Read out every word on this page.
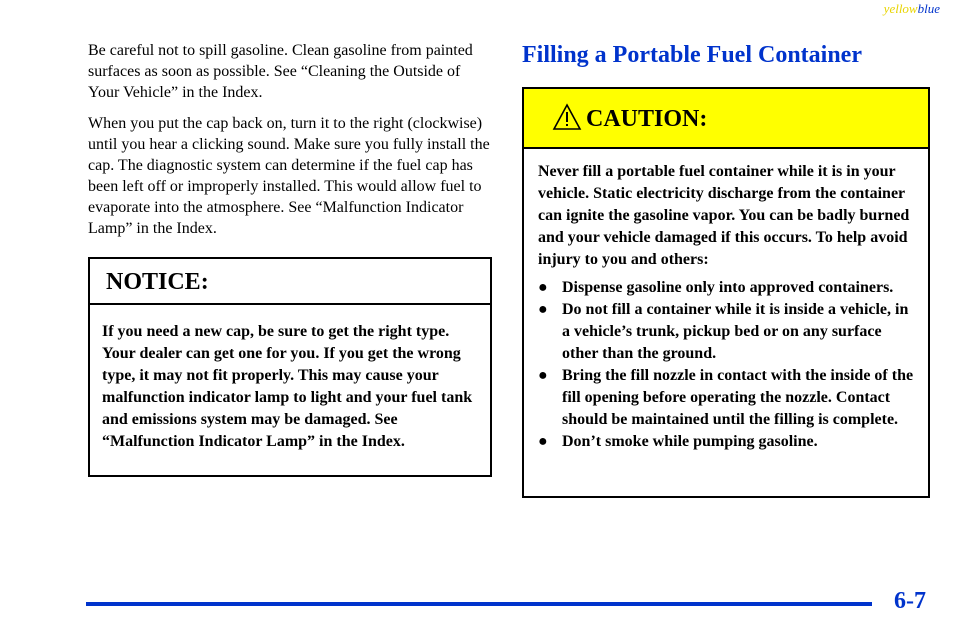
yellowblue

Be careful not to spill gasoline. Clean gasoline from painted surfaces as soon as possible. See “Cleaning the Outside of Your Vehicle” in the Index.

When you put the cap back on, turn it to the right (clockwise) until you hear a clicking sound. Make sure you fully install the cap. The diagnostic system can determine if the fuel cap has been left off or improperly installed. This would allow fuel to evaporate into the atmosphere. See “Malfunction Indicator Lamp” in the Index.

NOTICE:
If you need a new cap, be sure to get the right type. Your dealer can get one for you. If you get the wrong type, it may not fit properly. This may cause your malfunction indicator lamp to light and your fuel tank and emissions system may be damaged. See “Malfunction Indicator Lamp” in the Index.
Filling a Portable Fuel Container
CAUTION:

Never fill a portable fuel container while it is in your vehicle. Static electricity discharge from the container can ignite the gasoline vapor. You can be badly burned and your vehicle damaged if this occurs. To help avoid injury to you and others:

● Dispense gasoline only into approved containers.
● Do not fill a container while it is inside a vehicle, in a vehicle’s trunk, pickup bed or on any surface other than the ground.
● Bring the fill nozzle in contact with the inside of the fill opening before operating the nozzle. Contact should be maintained until the filling is complete.
● Don’t smoke while pumping gasoline.
6-7
